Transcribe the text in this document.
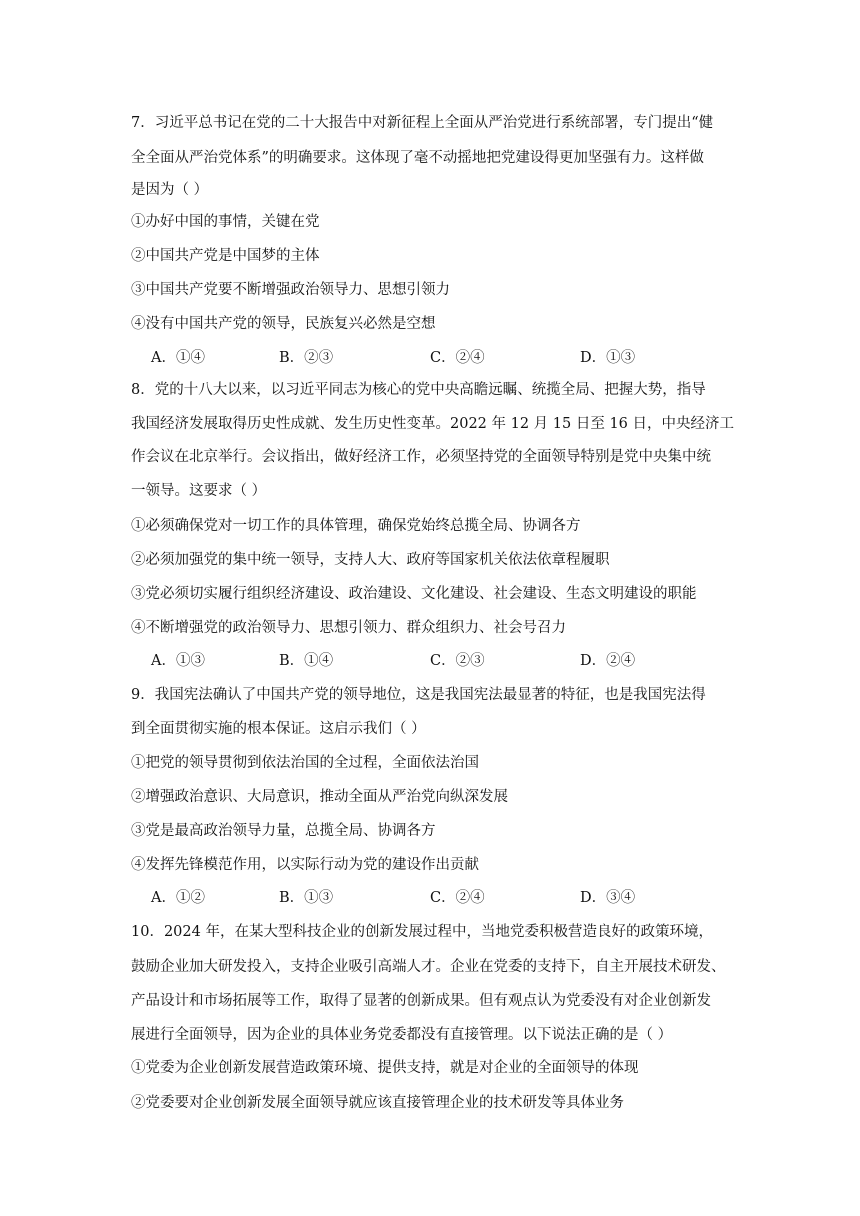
7．习近平总书记在党的二十大报告中对新征程上全面从严治党进行系统部署，专门提出“健
全全面从严治党体系”的明确要求。这体现了毫不动摇地把党建设得更加坚强有力。这样做
是因为（ ）
①办好中国的事情，关键在党
②中国共产党是中国梦的主体
③中国共产党要不断增强政治领导力、思想引领力
④没有中国共产党的领导，民族复兴必然是空想
A．①④	B．②③	C．②④	D．①③
8．党的十八大以来，以习近平同志为核心的党中央高瞻远瞩、统揽全局、把握大势，指导
我国经济发展取得历史性成就、发生历史性变革。2022 年 12 月 15 日至 16 日，中央经济工
作会议在北京举行。会议指出，做好经济工作，必须坚持党的全面领导特别是党中央集中统
一领导。这要求（ ）
①必须确保党对一切工作的具体管理，确保党始终总揽全局、协调各方
②必须加强党的集中统一领导，支持人大、政府等国家机关依法依章程履职
③党必须切实履行组织经济建设、政治建设、文化建设、社会建设、生态文明建设的职能
④不断增强党的政治领导力、思想引领力、群众组织力、社会号召力
A．①③	B．①④	C．②③	D．②④
9．我国宪法确认了中国共产党的领导地位，这是我国宪法最显著的特征，也是我国宪法得
到全面贯彻实施的根本保证。这启示我们（ ）
①把党的领导贯彻到依法治国的全过程，全面依法治国
②增强政治意识、大局意识，推动全面从严治党向纵深发展
③党是最高政治领导力量，总揽全局、协调各方
④发挥先锋模范作用，以实际行动为党的建设作出贡献
A．①②	B．①③	C．②④	D．③④
10．2024 年，在某大型科技企业的创新发展过程中，当地党委积极营造良好的政策环境，
鼓励企业加大研发投入，支持企业吸引高端人才。企业在党委的支持下，自主开展技术研发、
产品设计和市场拓展等工作，取得了显著的创新成果。但有观点认为党委没有对企业创新发
展进行全面领导，因为企业的具体业务党委都没有直接管理。以下说法正确的是（ ）
①党委为企业创新发展营造政策环境、提供支持，就是对企业的全面领导的体现
②党委要对企业创新发展全面领导就应该直接管理企业的技术研发等具体业务
